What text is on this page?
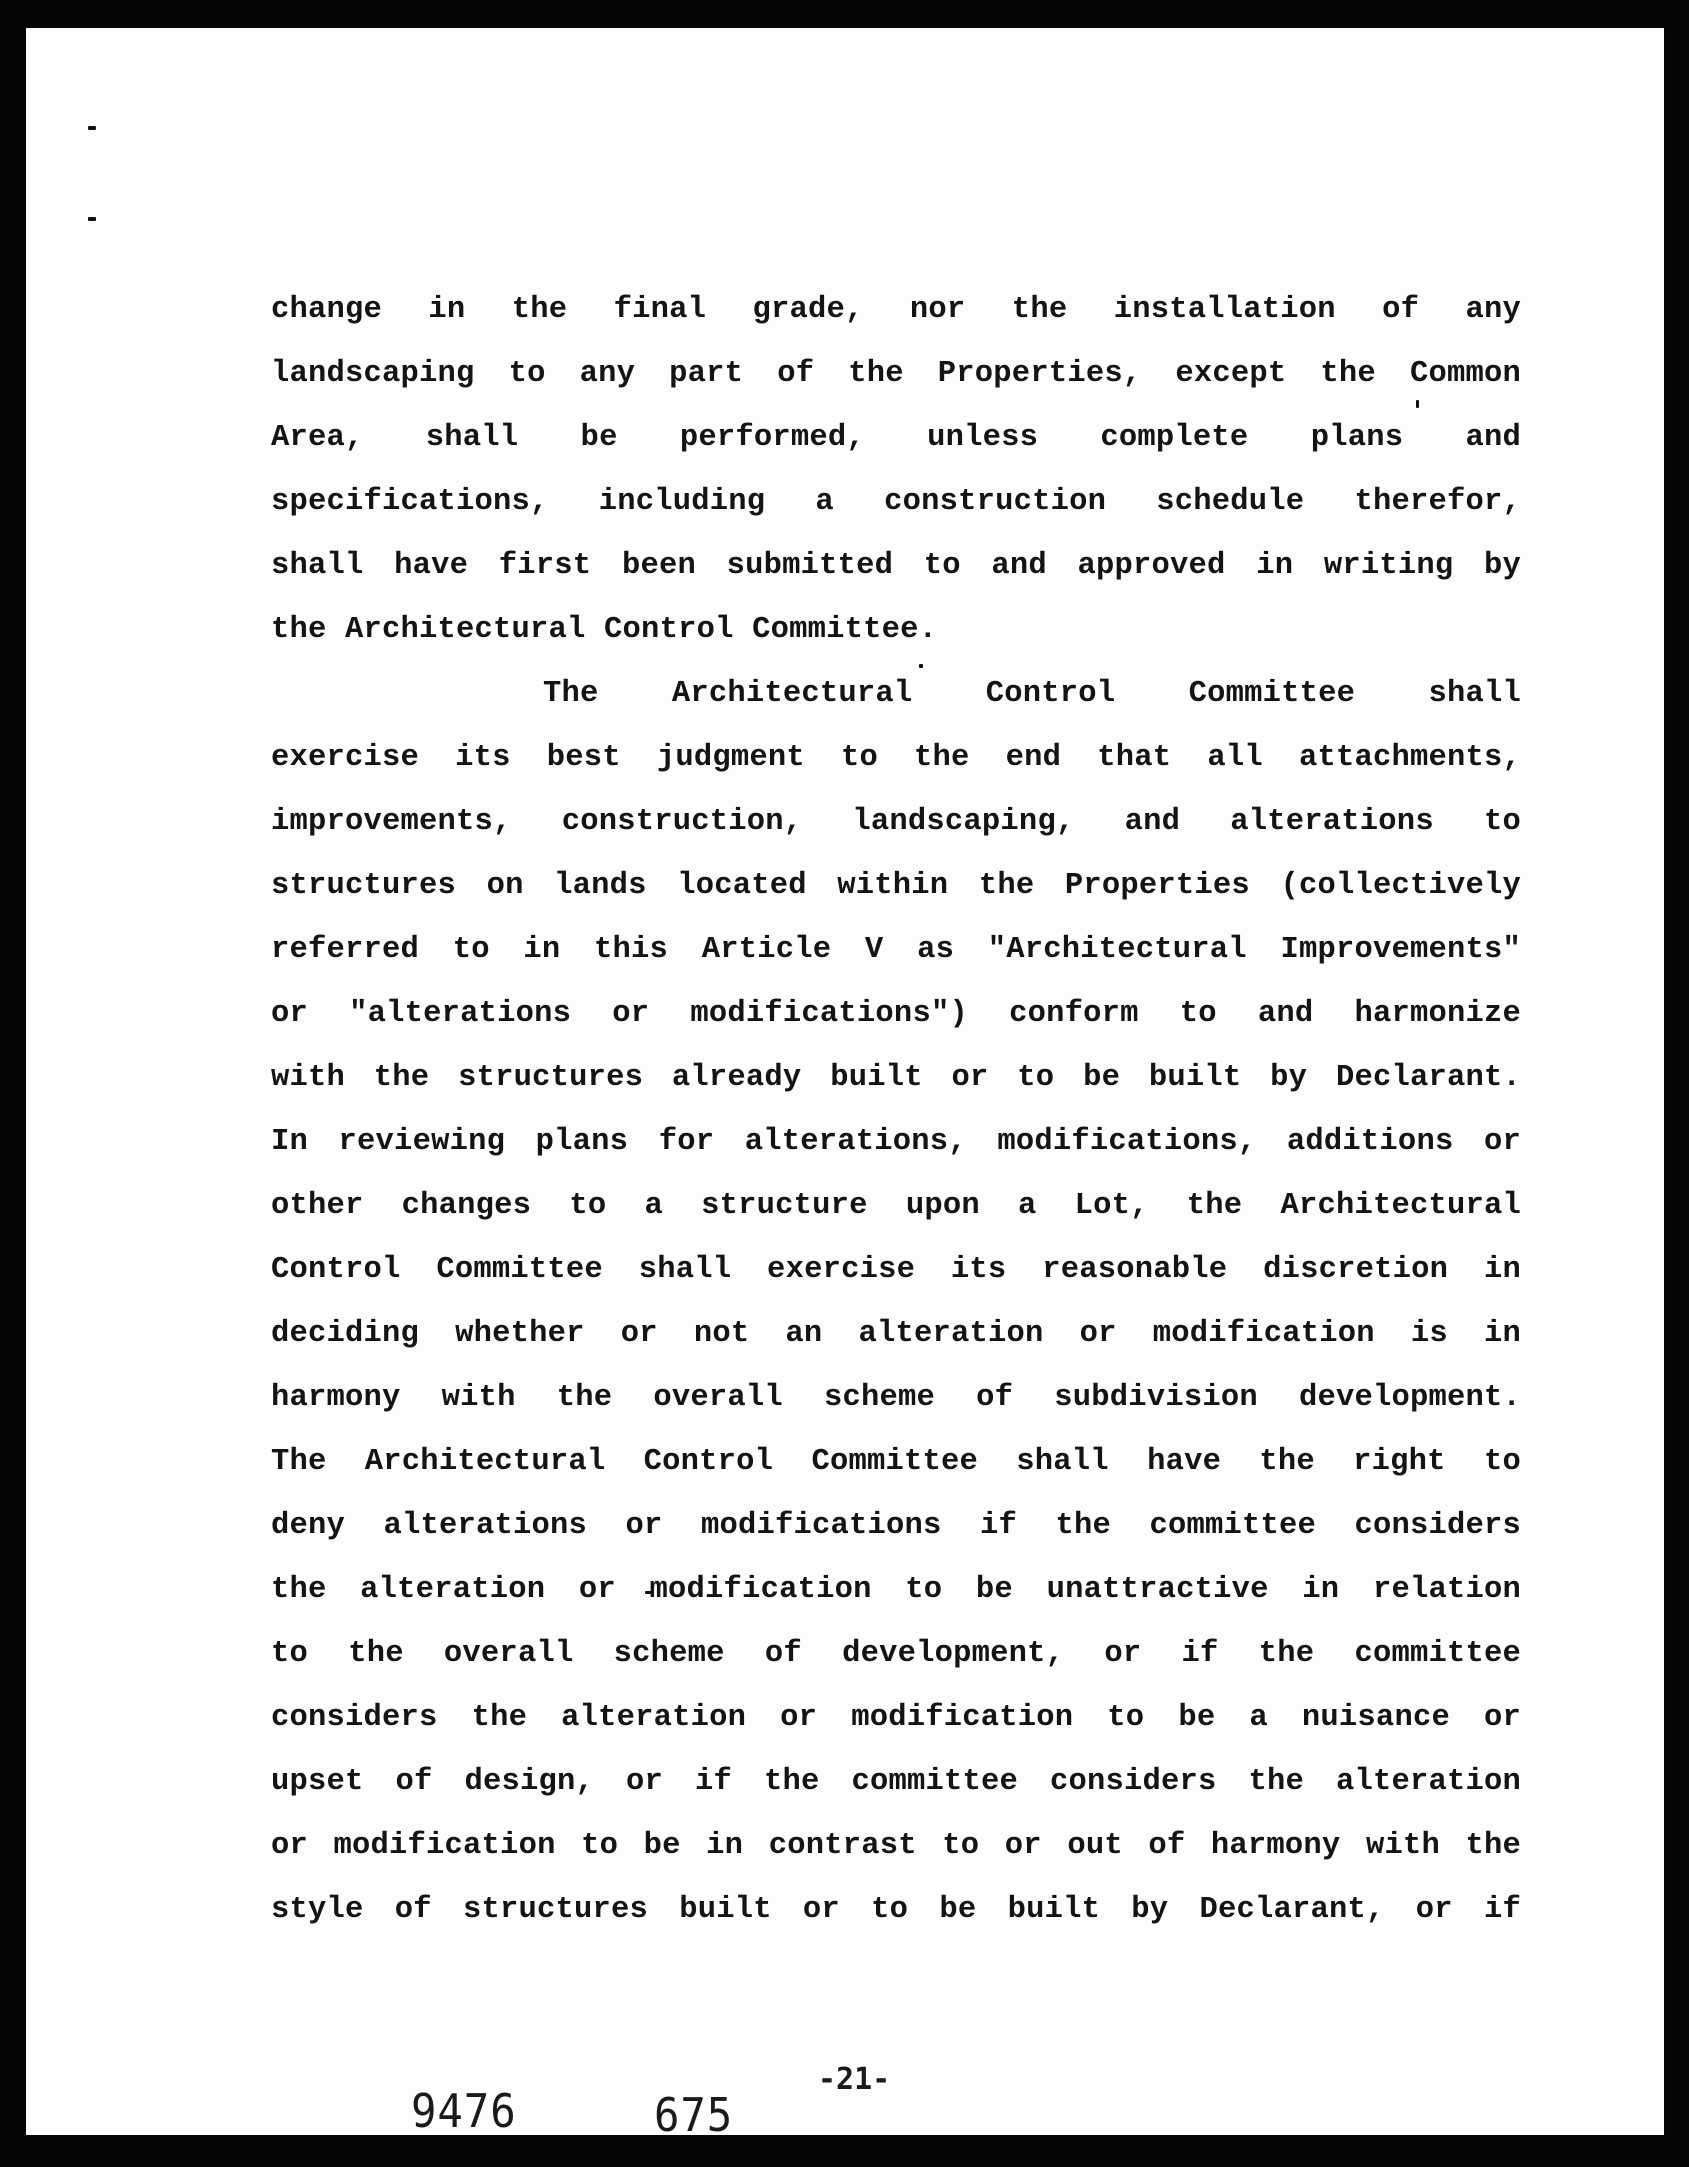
change in the final grade, nor the installation of any
landscaping to any part of the Properties, except the Common
Area, shall be performed, unless complete plans and
specifications, including a construction schedule therefor,
shall have first been submitted to and approved in writing by
the Architectural Control Committee.
The Architectural Control Committee shall
exercise its best judgment to the end that all attachments,
improvements, construction, landscaping, and alterations to
structures on lands located within the Properties (collectively
referred to in this Article V as "Architectural Improvements"
or "alterations or modifications") conform to and harmonize
with the structures already built or to be built by Declarant.
In reviewing plans for alterations, modifications, additions or
other changes to a structure upon a Lot, the Architectural
Control Committee shall exercise its reasonable discretion in
deciding whether or not an alteration or modification is in
harmony with the overall scheme of subdivision development.
The Architectural Control Committee shall have the right to
deny alterations or modifications if the committee considers
the alteration or modification to be unattractive in relation
to the overall scheme of development, or if the committee
considers the alteration or modification to be a nuisance or
upset of design, or if the committee considers the alteration
or modification to be in contrast to or out of harmony with the
style of structures built or to be built by Declarant, or if
9476	675
-21-
